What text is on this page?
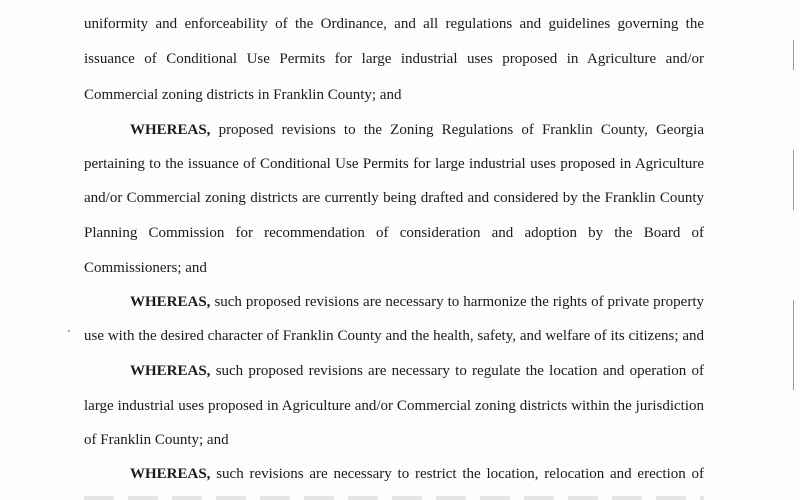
uniformity and enforceability of the Ordinance, and all regulations and guidelines governing the

issuance of Conditional Use Permits for large industrial uses proposed in Agriculture and/or

Commercial zoning districts in Franklin County; and

WHEREAS, proposed revisions to the Zoning Regulations of Franklin County, Georgia

pertaining to the issuance of Conditional Use Permits for large industrial uses proposed in Agriculture

and/or Commercial zoning districts are currently being drafted and considered by the Franklin County

Planning Commission for recommendation of consideration and adoption by the Board of

Commissioners; and

WHEREAS, such proposed revisions are necessary to harmonize the rights of private property

use with the desired character of Franklin County and the health, safety, and welfare of its citizens; and

WHEREAS, such proposed revisions are necessary to regulate the location and operation of

large industrial uses proposed in Agriculture and/or Commercial zoning districts within the jurisdiction

of Franklin County; and

WHEREAS, such revisions are necessary to restrict the location, relocation and erection of
